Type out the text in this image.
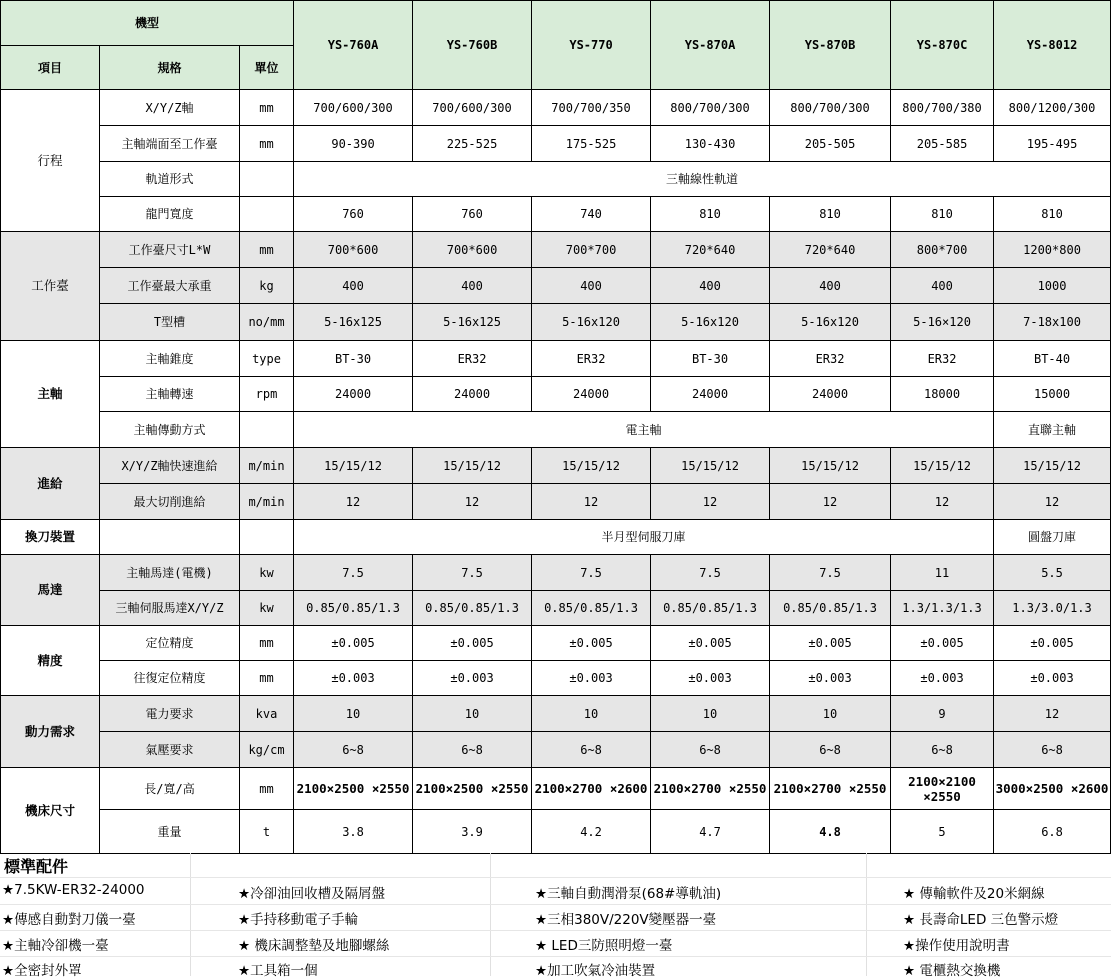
機型			YS-760A	YS-760B	YS-770	YS-870A	YS-870B	YS-870C	YS-8012
項目	規格	單位							
行程	X/Y/Z軸	mm	700/600/300	700/600/300	700/700/350	800/700/300	800/700/300	800/700/380	800/1200/300
	主軸端面至工作臺	mm	90-390	225-525	175-525	130-430	205-505	205-585	195-495
	軌道形式		三軸線性軌道						
	龍門寬度		760	760	740	810	810	810	810
工作臺	工作臺尺寸L*W	mm	700*600	700*600	700*700	720*640	720*640	800*700	1200*800
	工作臺最大承重	kg	400	400	400	400	400	400	1000
	T型槽	no/mm	5-16x125	5-16x125	5-16x120	5-16x120	5-16x120	5-16×120	7-18x100
主軸	主軸錐度	type	BT-30	ER32	ER32	BT-30	ER32	ER32	BT-40
	主軸轉速	rpm	24000	24000	24000	24000	24000	18000	15000
	主軸傳動方式		電主軸						直聯主軸
進給	X/Y/Z軸快速進給	m/min	15/15/12	15/15/12	15/15/12	15/15/12	15/15/12	15/15/12	15/15/12
	最大切削進給	m/min	12	12	12	12	12	12	12
換刀裝置			半月型伺服刀庫						圓盤刀庫
馬達	主軸馬達(電機)	kw	7.5	7.5	7.5	7.5	7.5	11	5.5
	三軸伺服馬達X/Y/Z	kw	0.85/0.85/1.3	0.85/0.85/1.3	0.85/0.85/1.3	0.85/0.85/1.3	0.85/0.85/1.3	1.3/1.3/1.3	1.3/3.0/1.3
精度	定位精度	mm	±0.005	±0.005	±0.005	±0.005	±0.005	±0.005	±0.005
	往復定位精度	mm	±0.003	±0.003	±0.003	±0.003	±0.003	±0.003	±0.003
動力需求	電力要求	kva	10	10	10	10	10	9	12
	氣壓要求	kg/cm	6~8	6~8	6~8	6~8	6~8	6~8	6~8
機床尺寸	長/寬/高	mm	2100×2500 ×2550	2100×2500 ×2550	2100×2700 ×2600	2100×2700 ×2550	2100×2700 ×2550	2100×2100 ×2550	3000×2500 ×2600
	重量	t	3.8	3.9	4.2	4.7	4.8	5	6.8
標準配件
★7.5KW-ER32-24000
★傳感自動對刀儀一臺
★主軸冷卻機一臺
★全密封外罩
★冷卻油回收槽及隔屑盤
★手持移動電子手輪
★ 機床調整墊及地腳螺絲
★工具箱一個
★三軸自動潤滑泵(68#導軌油)
★三相380V/220V變壓器一臺
★ LED三防照明燈一臺
★加工吹氣冷油裝置
★ 傳輸軟件及20米網線
★ 長壽命LED 三色警示燈
★操作使用說明書
★ 電櫃熱交換機
